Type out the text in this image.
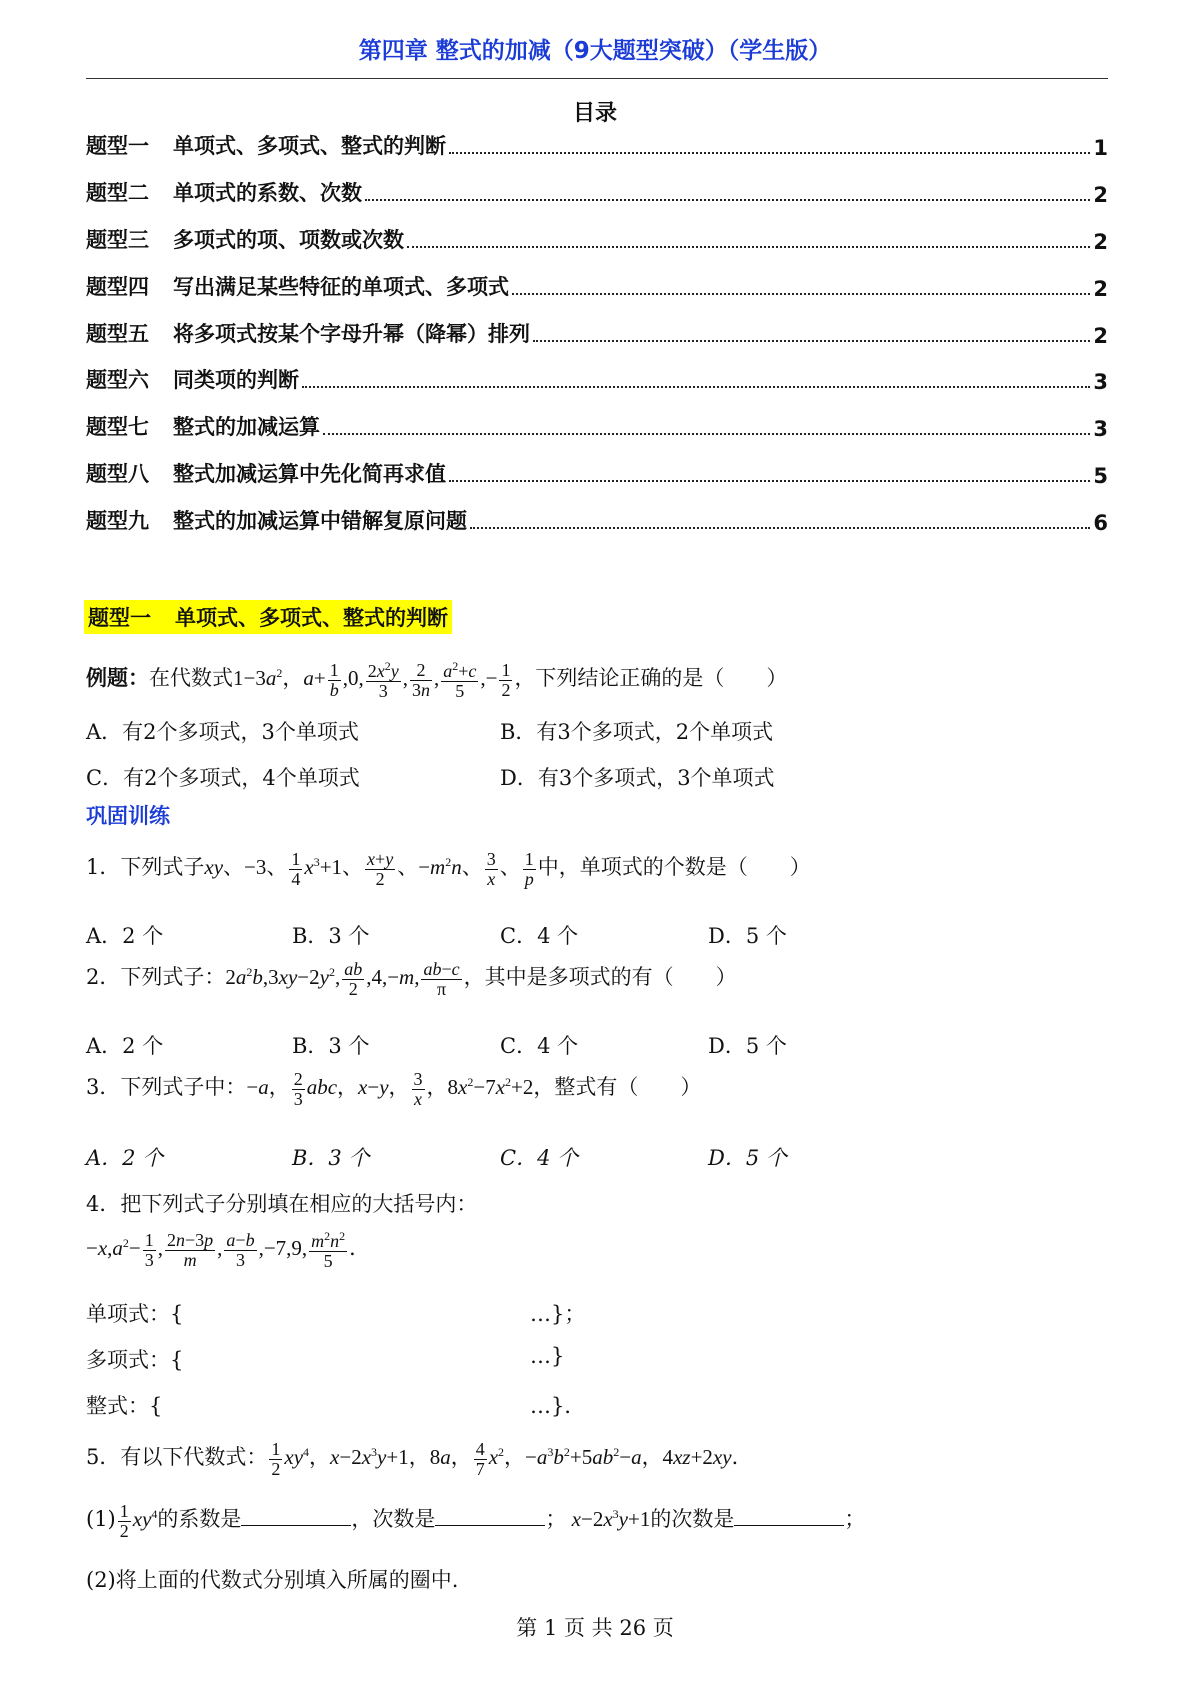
第四章 整式的加减（9大题型突破）（学生版）
目录
题型一 单项式、多项式、整式的判断	1
题型二 单项式的系数、次数	2
题型三 多项式的项、项数或次数	2
题型四 写出满足某些特征的单项式、多项式	2
题型五 将多项式按某个字母升幂（降幂）排列	2
题型六 同类项的判断	3
题型七 整式的加减运算	3
题型八 整式加减运算中先化简再求值	5
题型九 整式的加减运算中错解复原问题	6
题型一 单项式、多项式、整式的判断
例题：在代数式$1-3a^2$，$a+ \frac{1}{b} ,0$, $\frac{2x^2y}{3}$ , $\frac{2}{3n}$ , $\frac{a^2+c}{5}$ ,− $\frac{1}{2}$ ，下列结论正确的是（　　）
A．有2个多项式，3个单项式	B．有3个多项式，2个单项式
C．有2个多项式，4个单项式	D．有3个多项式，3个单项式
巩固训练
1．下列式子xy、−3、 $\frac{1}{4} x^3+1$、 $\frac{x+y}{2}$ 、$-m^2n$、 $\frac{3}{x}$ 、 $\frac{1}{p}$ 中，单项式的个数是（　　）
A．2 个	B．3 个	C．4 个	D．5 个
2．下列式子：$2a^2b,3xy-2y^2$, $\frac{ab}{2} ,4,-m$, $\frac{ab-c}{\pi}$ ，其中是多项式的有（　　）
A．2 个	B．3 个	C．4 个	D．5 个
3．下列式子中：−a， $\frac{2}{3}$ abc，x−y， $\frac{3}{x}$ ，$8x^2-7x^2+2$，整式有（　　）
A．2 个	B．3 个	C．4 个	D．5 个
4．把下列式子分别填在相应的大括号内：
$-x,a^2- \frac{1}{3}$ , $\frac{2n-3p}{m}$ , $\frac{a-b}{3} ,-7,9$, $\frac{m^2n^2}{5}$ ．
单项式：{	…}；
多项式：{	…}
整式：{	…}．
5．有以下代数式： $\frac{1}{2} xy^4$，$x-2x^3y+1$，8a， $\frac{4}{7} x^2$，$-a^3b^2+5ab^2-a$，4xz+2xy．
$(1) \frac{1}{2} xy^4$的系数是	，次数是	； $x-2x^3y+1$的次数是	；
(2)将上面的代数式分别填入所属的圈中.
第 1 页 共 26 页
